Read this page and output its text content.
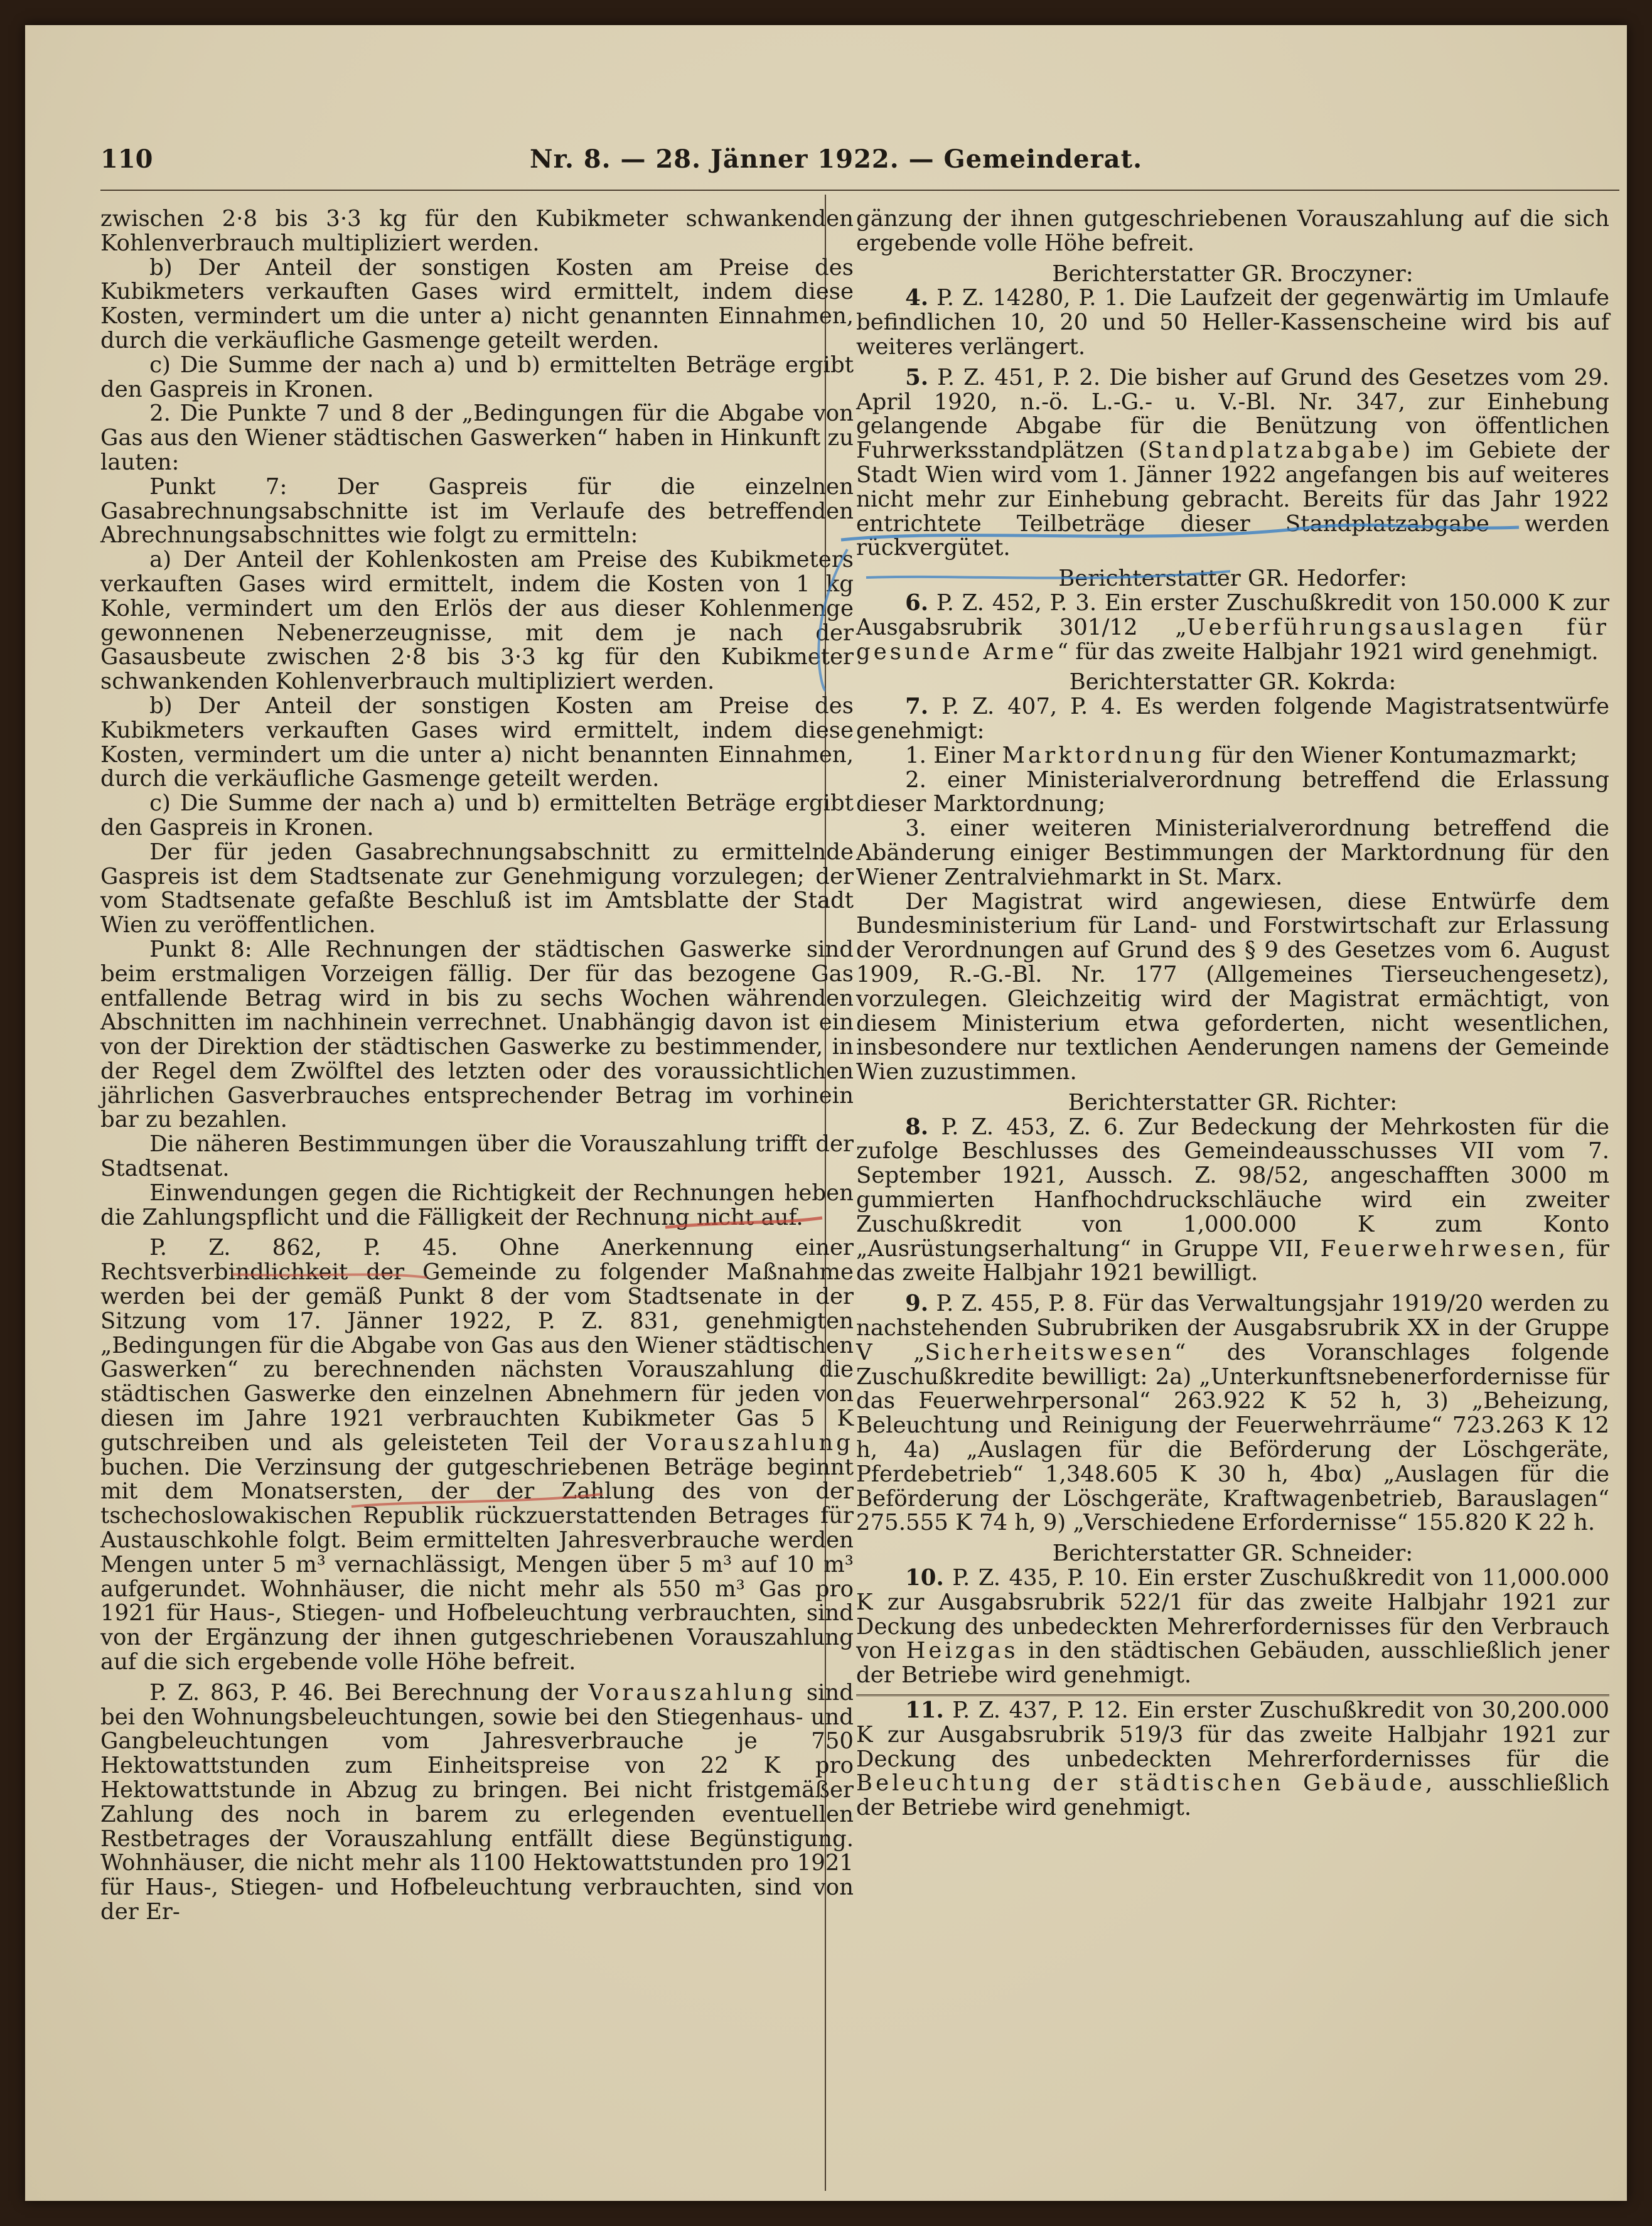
110	Nr. 8. — 28. Jänner 1922. — Gemeinderat.

zwischen 2·8 bis 3·3 kg für den Kubikmeter schwankenden Kohlenverbrauch multipliziert werden.

b) Der Anteil der sonstigen Kosten am Preise des Kubikmeters verkauften Gases wird ermittelt, indem diese Kosten, vermindert um die unter a) nicht genannten Einnahmen, durch die verkäufliche Gasmenge geteilt werden.

c) Die Summe der nach a) und b) ermittelten Beträge ergibt den Gaspreis in Kronen.

2. Die Punkte 7 und 8 der „Bedingungen für die Abgabe von Gas aus den Wiener städtischen Gaswerken“ haben in Hinkunft zu lauten:

Punkt 7: Der Gaspreis für die einzelnen Gasabrechnungsabschnitte ist im Verlaufe des betreffenden Abrechnungsabschnittes wie folgt zu ermitteln:

a) Der Anteil der Kohlenkosten am Preise des Kubikmeters verkauften Gases wird ermittelt, indem die Kosten von 1 kg Kohle, vermindert um den Erlös der aus dieser Kohlenmenge gewonnenen Nebenerzeugnisse, mit dem je nach der Gasausbeute zwischen 2·8 bis 3·3 kg für den Kubikmeter schwankenden Kohlenverbrauch multipliziert werden.

b) Der Anteil der sonstigen Kosten am Preise des Kubikmeters verkauften Gases wird ermittelt, indem diese Kosten, vermindert um die unter a) nicht benannten Einnahmen, durch die verkäufliche Gasmenge geteilt werden.

c) Die Summe der nach a) und b) ermittelten Beträge ergibt den Gaspreis in Kronen.

Der für jeden Gasabrechnungsabschnitt zu ermittelnde Gaspreis ist dem Stadtsenate zur Genehmigung vorzulegen; der vom Stadtsenate gefaßte Beschluß ist im Amtsblatte der Stadt Wien zu veröffentlichen.

Punkt 8: Alle Rechnungen der städtischen Gaswerke sind beim erstmaligen Vorzeigen fällig. Der für das bezogene Gas entfallende Betrag wird in bis zu sechs Wochen währenden Abschnitten im nachhinein verrechnet. Unabhängig davon ist ein von der Direktion der städtischen Gaswerke zu bestimmender, in der Regel dem Zwölftel des letzten oder des voraussichtlichen jährlichen Gasverbrauches entsprechender Betrag im vorhinein bar zu bezahlen.

Die näheren Bestimmungen über die Vorauszahlung trifft der Stadtsenat.

Einwendungen gegen die Richtigkeit der Rechnungen heben die Zahlungspflicht und die Fälligkeit der Rechnung nicht auf.

P. Z. 862, P. 45. Ohne Anerkennung einer Rechtsverbindlichkeit der Gemeinde zu folgender Maßnahme werden bei der gemäß Punkt 8 der vom Stadtsenate in der Sitzung vom 17. Jänner 1922, P. Z. 831, genehmigten „Bedingungen für die Abgabe von Gas aus den Wiener städtischen Gaswerken“ zu berechnenden nächsten Vorauszahlung die städtischen Gaswerke den einzelnen Abnehmern für jeden von diesen im Jahre 1921 verbrauchten Kubikmeter Gas 5 K gutschreiben und als geleisteten Teil der Vorauszahlung buchen. Die Verzinsung der gutgeschriebenen Beträge beginnt mit dem Monatsersten, der der Zahlung des von der tschechoslowakischen Republik rückzuerstattenden Betrages für Austauschkohle folgt. Beim ermittelten Jahresverbrauche werden Mengen unter 5 m³ vernachlässigt, Mengen über 5 m³ auf 10 m³ aufgerundet. Wohnhäuser, die nicht mehr als 550 m³ Gas pro 1921 für Haus-, Stiegen- und Hofbeleuchtung verbrauchten, sind von der Ergänzung der ihnen gutgeschriebenen Vorauszahlung auf die sich ergebende volle Höhe befreit.

P. Z. 863, P. 46. Bei Berechnung der Vorauszahlung sind bei den Wohnungsbeleuchtungen, sowie bei den Stiegenhaus- und Gangbeleuchtungen vom Jahresverbrauche je 750 Hektowattstunden zum Einheitspreise von 22 K pro Hektowattstunde in Abzug zu bringen. Bei nicht fristgemäßer Zahlung des noch in barem zu erlegenden eventuellen Restbetrages der Vorauszahlung entfällt diese Begünstigung. Wohnhäuser, die nicht mehr als 1100 Hektowattstunden pro 1921 für Haus-, Stiegen- und Hofbeleuchtung verbrauchten, sind von der Er-

gänzung der ihnen gutgeschriebenen Vorauszahlung auf die sich ergebende volle Höhe befreit.

Berichterstatter GR. Broczyner:

4. P. Z. 14280, P. 1. Die Laufzeit der gegenwärtig im Umlaufe befindlichen 10, 20 und 50 Heller-Kassenscheine wird bis auf weiteres verlängert.

5. P. Z. 451, P. 2. Die bisher auf Grund des Gesetzes vom 29. April 1920, n.-ö. L.-G.- u. V.-Bl. Nr. 347, zur Einhebung gelangende Abgabe für die Benützung von öffentlichen Fuhrwerksstandplätzen (Standplatzabgabe) im Gebiete der Stadt Wien wird vom 1. Jänner 1922 angefangen bis auf weiteres nicht mehr zur Einhebung gebracht. Bereits für das Jahr 1922 entrichtete Teilbeträge dieser Standplatzabgabe werden rückvergütet.

Berichterstatter GR. Hedorfer:

6. P. Z. 452, P. 3. Ein erster Zuschußkredit von 150.000 K zur Ausgabsrubrik 301/12 „Ueberführungsauslagen für gesunde Arme“ für das zweite Halbjahr 1921 wird genehmigt.

Berichterstatter GR. Kokrda:

7. P. Z. 407, P. 4. Es werden folgende Magistratsentwürfe genehmigt:

1. Einer Marktordnung für den Wiener Kontumazmarkt;

2. einer Ministerialverordnung betreffend die Erlassung dieser Marktordnung;

3. einer weiteren Ministerialverordnung betreffend die Abänderung einiger Bestimmungen der Marktordnung für den Wiener Zentralviehmarkt in St. Marx.

Der Magistrat wird angewiesen, diese Entwürfe dem Bundesministerium für Land- und Forstwirtschaft zur Erlassung der Verordnungen auf Grund des § 9 des Gesetzes vom 6. August 1909, R.-G.-Bl. Nr. 177 (Allgemeines Tierseuchengesetz), vorzulegen. Gleichzeitig wird der Magistrat ermächtigt, von diesem Ministerium etwa geforderten, nicht wesentlichen, insbesondere nur textlichen Aenderungen namens der Gemeinde Wien zuzustimmen.

Berichterstatter GR. Richter:

8. P. Z. 453, Z. 6. Zur Bedeckung der Mehrkosten für die zufolge Beschlusses des Gemeindeausschusses VII vom 7. September 1921, Aussch. Z. 98/52, angeschafften 3000 m gummierten Hanfhochdruckschläuche wird ein zweiter Zuschußkredit von 1,000.000 K zum Konto „Ausrüstungserhaltung“ in Gruppe VII, Feuerwehrwesen, für das zweite Halbjahr 1921 bewilligt.

9. P. Z. 455, P. 8. Für das Verwaltungsjahr 1919/20 werden zu nachstehenden Subrubriken der Ausgabsrubrik XX in der Gruppe V „Sicherheitswesen“ des Voranschlages folgende Zuschußkredite bewilligt: 2a) „Unterkunftsnebenerfordernisse für das Feuerwehrpersonal“ 263.922 K 52 h, 3) „Beheizung, Beleuchtung und Reinigung der Feuerwehrräume“ 723.263 K 12 h, 4a) „Auslagen für die Beförderung der Löschgeräte, Pferdebetrieb“ 1,348.605 K 30 h, 4bα) „Auslagen für die Beförderung der Löschgeräte, Kraftwagenbetrieb, Barauslagen“ 275.555 K 74 h, 9) „Verschiedene Erfordernisse“ 155.820 K 22 h.

Berichterstatter GR. Schneider:

10. P. Z. 435, P. 10. Ein erster Zuschußkredit von 11,000.000 K zur Ausgabsrubrik 522/1 für das zweite Halbjahr 1921 zur Deckung des unbedeckten Mehrerfordernisses für den Verbrauch von Heizgas in den städtischen Gebäuden, ausschließlich jener der Betriebe wird genehmigt.

11. P. Z. 437, P. 12. Ein erster Zuschußkredit von 30,200.000 K zur Ausgabsrubrik 519/3 für das zweite Halbjahr 1921 zur Deckung des unbedeckten Mehrerfordernisses für die Beleuchtung der städtischen Gebäude, ausschließlich der Betriebe wird genehmigt.
